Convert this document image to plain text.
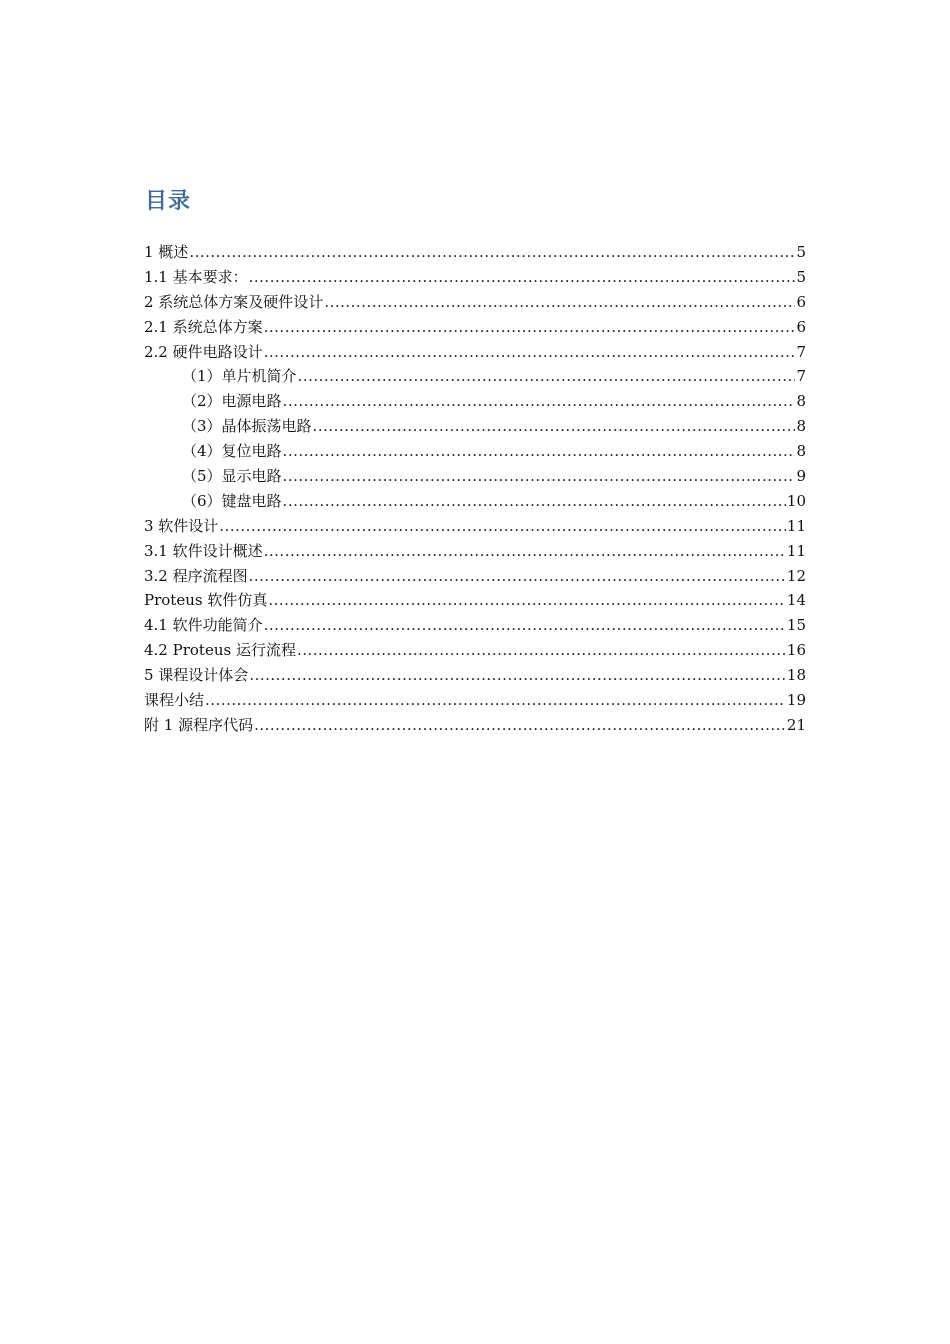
目录
1 概述 .....	5
1.1 基本要求： .....	5
2 系统总体方案及硬件设计 .....	6
2.1 系统总体方案 .....	6
2.2 硬件电路设计 .....	7
（1）单片机简介 .....	7
（2）电源电路 .....	8
（3）晶体振荡电路 .....	8
（4）复位电路 .....	8
（5）显示电路 .....	9
（6）键盘电路 .....	10
3 软件设计 .....	11
3.1 软件设计概述 .....	11
3.2 程序流程图 .....	12
Proteus 软件仿真 .....	14
4.1 软件功能简介 .....	15
4.2 Proteus 运行流程 .....	16
5 课程设计体会 .....	18
课程小结 .....	19
附 1 源程序代码 .....	21
